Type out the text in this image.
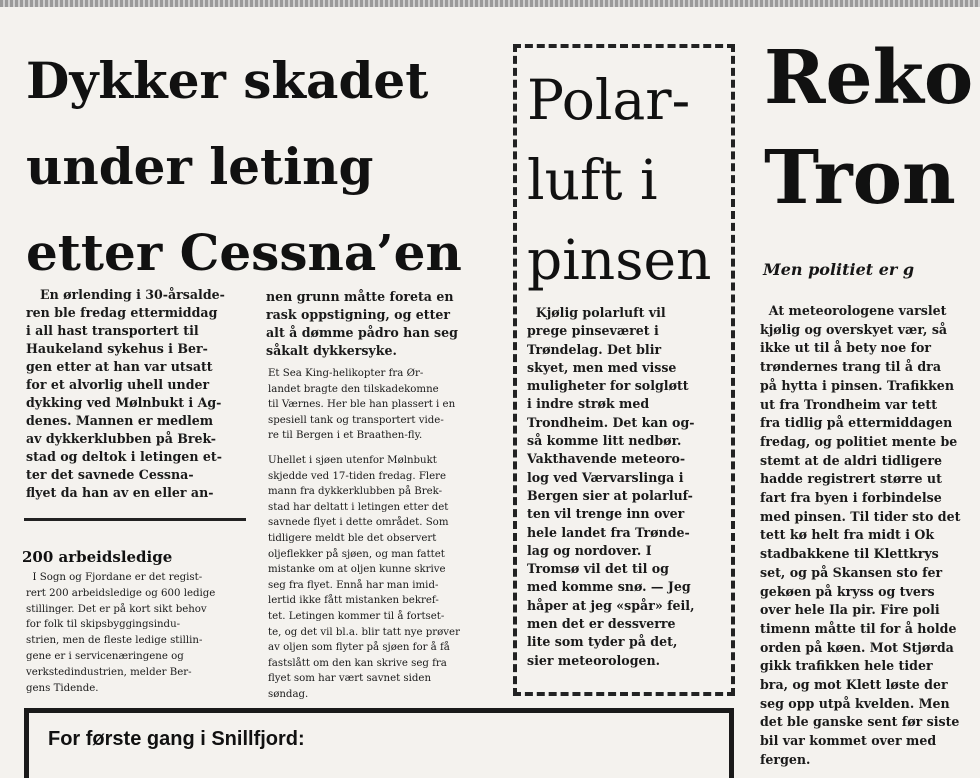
Dykker skadet
under leting
etter Cessna’en

En ørlending i 30-årsalde-
ren ble fredag ettermiddag
i all hast transportert til
Haukeland sykehus i Ber-
gen etter at han var utsatt
for et alvorlig uhell under
dykking ved Mølnbukt i Ag-
denes. Mannen er medlem
av dykkerklubben på Brek-
stad og deltok i letingen et-
ter det savnede Cessna-
flyet da han av en eller an-

nen grunn måtte foreta en
rask oppstigning, og etter
alt å dømme pådro han seg
såkalt dykkersyke.

Et Sea King-helikopter fra Ør-
landet bragte den tilskadekomne
til Værnes. Her ble han plassert i en
spesiell tank og transportert vide-
re til Bergen i et Braathen-fly.

Uhellet i sjøen utenfor Mølnbukt
skjedde ved 17-tiden fredag. Flere
mann fra dykkerklubben på Brek-
stad har deltatt i letingen etter det
savnede flyet i dette området. Som
tidligere meldt ble det observert
oljeflekker på sjøen, og man fattet
mistanke om at oljen kunne skrive
seg fra flyet. Ennå har man imid-
lertid ikke fått mistanken bekref-
tet. Letingen kommer til å fortset-
te, og det vil bl.a. blir tatt nye prøver
av oljen som flyter på sjøen for å få
fastslått om den kan skrive seg fra
flyet som har vært savnet siden
søndag.

200 arbeidsledige

I Sogn og Fjordane er det regist-
rert 200 arbeidsledige og 600 ledige
stillinger. Det er på kort sikt behov
for folk til skipsbyggingsindu-
strien, men de fleste ledige stillin-
gene er i servicenæringene og
verkstedindustrien, melder Ber-
gens Tidende.

Polar-
luft i
pinsen

Kjølig polarluft vil
prege pinseværet i
Trøndelag. Det blir
skyet, men med visse
muligheter for solgløtt
i indre strøk med
Trondheim. Det kan og-
så komme litt nedbør.
Vakthavende meteoro-
log ved Værvarslinga i
Bergen sier at polarluf-
ten vil trenge inn over
hele landet fra Trønde-
lag og nordover. I
Tromsø vil det til og
med komme snø. — Jeg
håper at jeg «spår» feil,
men det er dessverre
lite som tyder på det,
sier meteorologen.

Reko
Tron
Men politiet er g

At meteorologene varslet
kjølig og overskyet vær, så
ikke ut til å bety noe for
trøndernes trang til å dra
på hytta i pinsen. Trafikken
ut fra Trondheim var tett
fra tidlig på ettermiddagen
fredag, og politiet mente be
stemt at de aldri tidligere
hadde registrert større ut
fart fra byen i forbindelse
med pinsen. Til tider sto det
tett kø helt fra midt i Ok
stadbakkene til Klettkrys
set, og på Skansen sto fer
gekøen på kryss og tvers
over hele Ila pir. Fire poli
timenn måtte til for å holde
orden på køen. Mot Stjørda
gikk trafikken hele tider
bra, og mot Klett løste der
seg opp utpå kvelden. Men
det ble ganske sent før siste
bil var kommet over med
fergen.

For første gang i Snillfjord:
